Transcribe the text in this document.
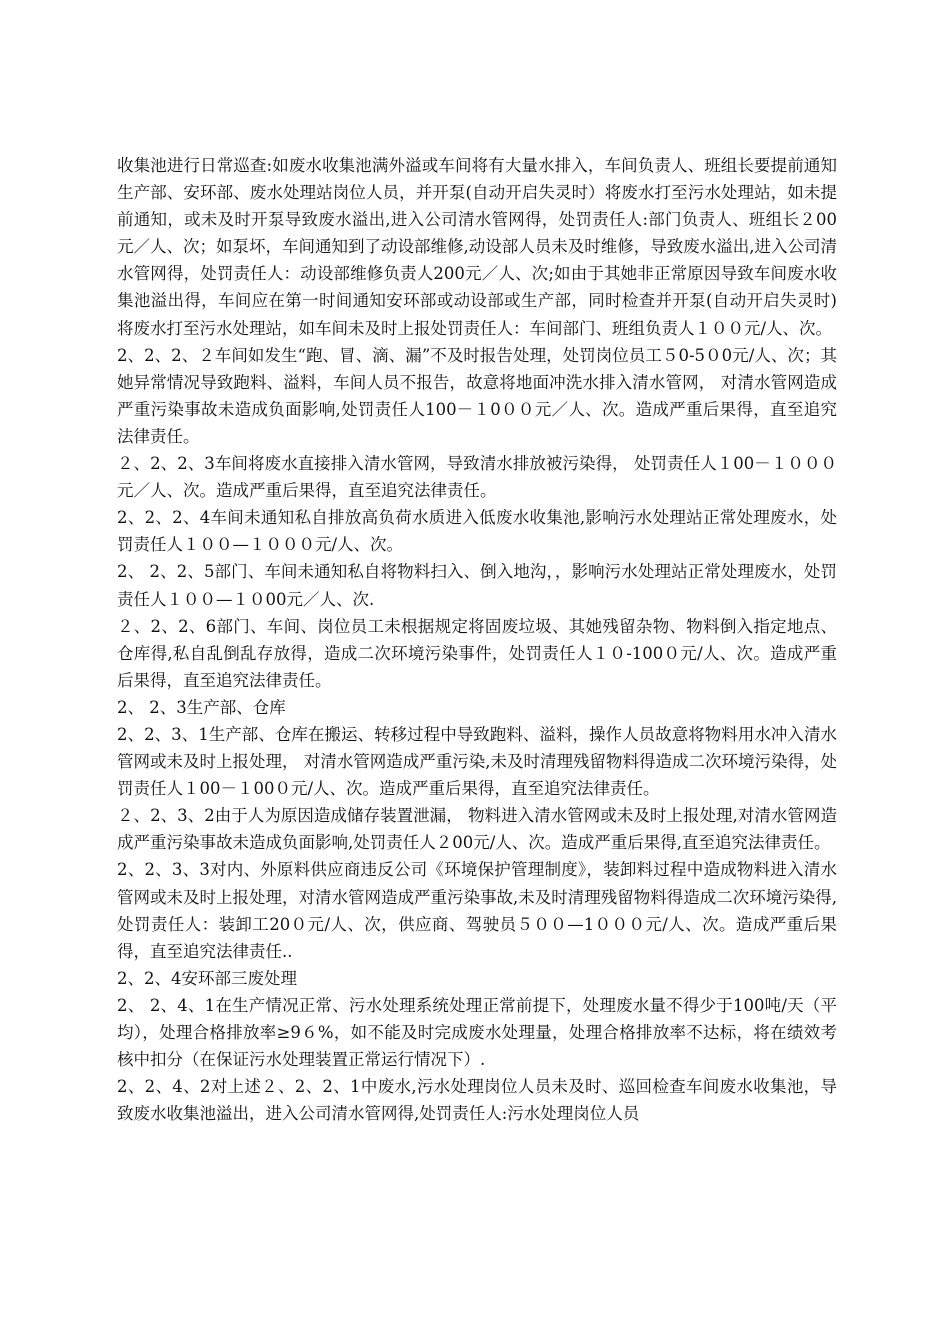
收集池进行日常巡查:如废水收集池满外溢或车间将有大量水排入，车间负责人、班组长要提前通知生产部、安环部、废水处理站岗位人员，并开泵(自动开启失灵时）将废水打至污水处理站，如未提前通知，或未及时开泵导致废水溢出,进入公司清水管网得，处罚责任人:部门负责人、班组长２00元／人、次；如泵坏，车间通知到了动设部维修,动设部人员未及时维修，导致废水溢出,进入公司清水管网得，处罚责任人：动设部维修负责人200元／人、次;如由于其她非正常原因导致车间废水收集池溢出得，车间应在第一时间通知安环部或动设部或生产部，同时检查并开泵(自动开启失灵时)将废水打至污水处理站，如车间未及时上报处罚责任人：车间部门、班组负责人１００元/人、次。

2、2、2、２车间如发生“跑、冒、滴、漏”不及时报告处理，处罚岗位员工５0-5０0元/人、次；其她异常情况导致跑料、溢料，车间人员不报告，故意将地面冲洗水排入清水管网， 对清水管网造成严重污染事故未造成负面影响,处罚责任人100－１0００元／人、次。造成严重后果得，直至追究法律责任。

２、2、2、3车间将废水直接排入清水管网，导致清水排放被污染得， 处罚责任人１00－１０００元／人、次。造成严重后果得，直至追究法律责任。

2、2、2、4车间未通知私自排放高负荷水质进入低废水收集池,影响污水处理站正常处理废水，处罚责任人１００—１０００元/人、次。

2、 2、2、5部门、车间未通知私自将物料扫入、倒入地沟，，影响污水处理站正常处理废水，处罚责任人１００—１０00元／人、次.

２、2、2、6部门、车间、岗位员工未根据规定将固废垃圾、其她残留杂物、物料倒入指定地点、仓库得,私自乱倒乱存放得，造成二次环境污染事件，处罚责任人１０-100０元/人、次。造成严重后果得，直至追究法律责任。

2、 2、3生产部、仓库

2、2、3、1生产部、仓库在搬运、转移过程中导致跑料、溢料，操作人员故意将物料用水冲入清水管网或未及时上报处理， 对清水管网造成严重污染,未及时清理残留物料得造成二次环境污染得，处罚责任人１00－１00０元/人、次。造成严重后果得，直至追究法律责任。

２、2、3、2由于人为原因造成储存装置泄漏， 物料进入清水管网或未及时上报处理,对清水管网造成严重污染事故未造成负面影响,处罚责任人２00元/人、次。造成严重后果得,直至追究法律责任。

2、2、3、3对内、外原料供应商违反公司《环境保护管理制度》，装卸料过程中造成物料进入清水管网或未及时上报处理，对清水管网造成严重污染事故,未及时清理残留物料得造成二次环境污染得,处罚责任人：装卸工20０元/人、次，供应商、驾驶员５００—1０００元/人、次。造成严重后果得，直至追究法律责任..

2、2、4安环部三废处理

2、 2、4、1在生产情况正常、污水处理系统处理正常前提下，处理废水量不得少于100吨/天（平均），处理合格排放率≥9６%，如不能及时完成废水处理量，处理合格排放率不达标，将在绩效考核中扣分（在保证污水处理装置正常运行情况下）.

2、2、4、2对上述２、2、2、1中废水,污水处理岗位人员未及时、巡回检查车间废水收集池，导致废水收集池溢出，进入公司清水管网得,处罚责任人:污水处理岗位人员
